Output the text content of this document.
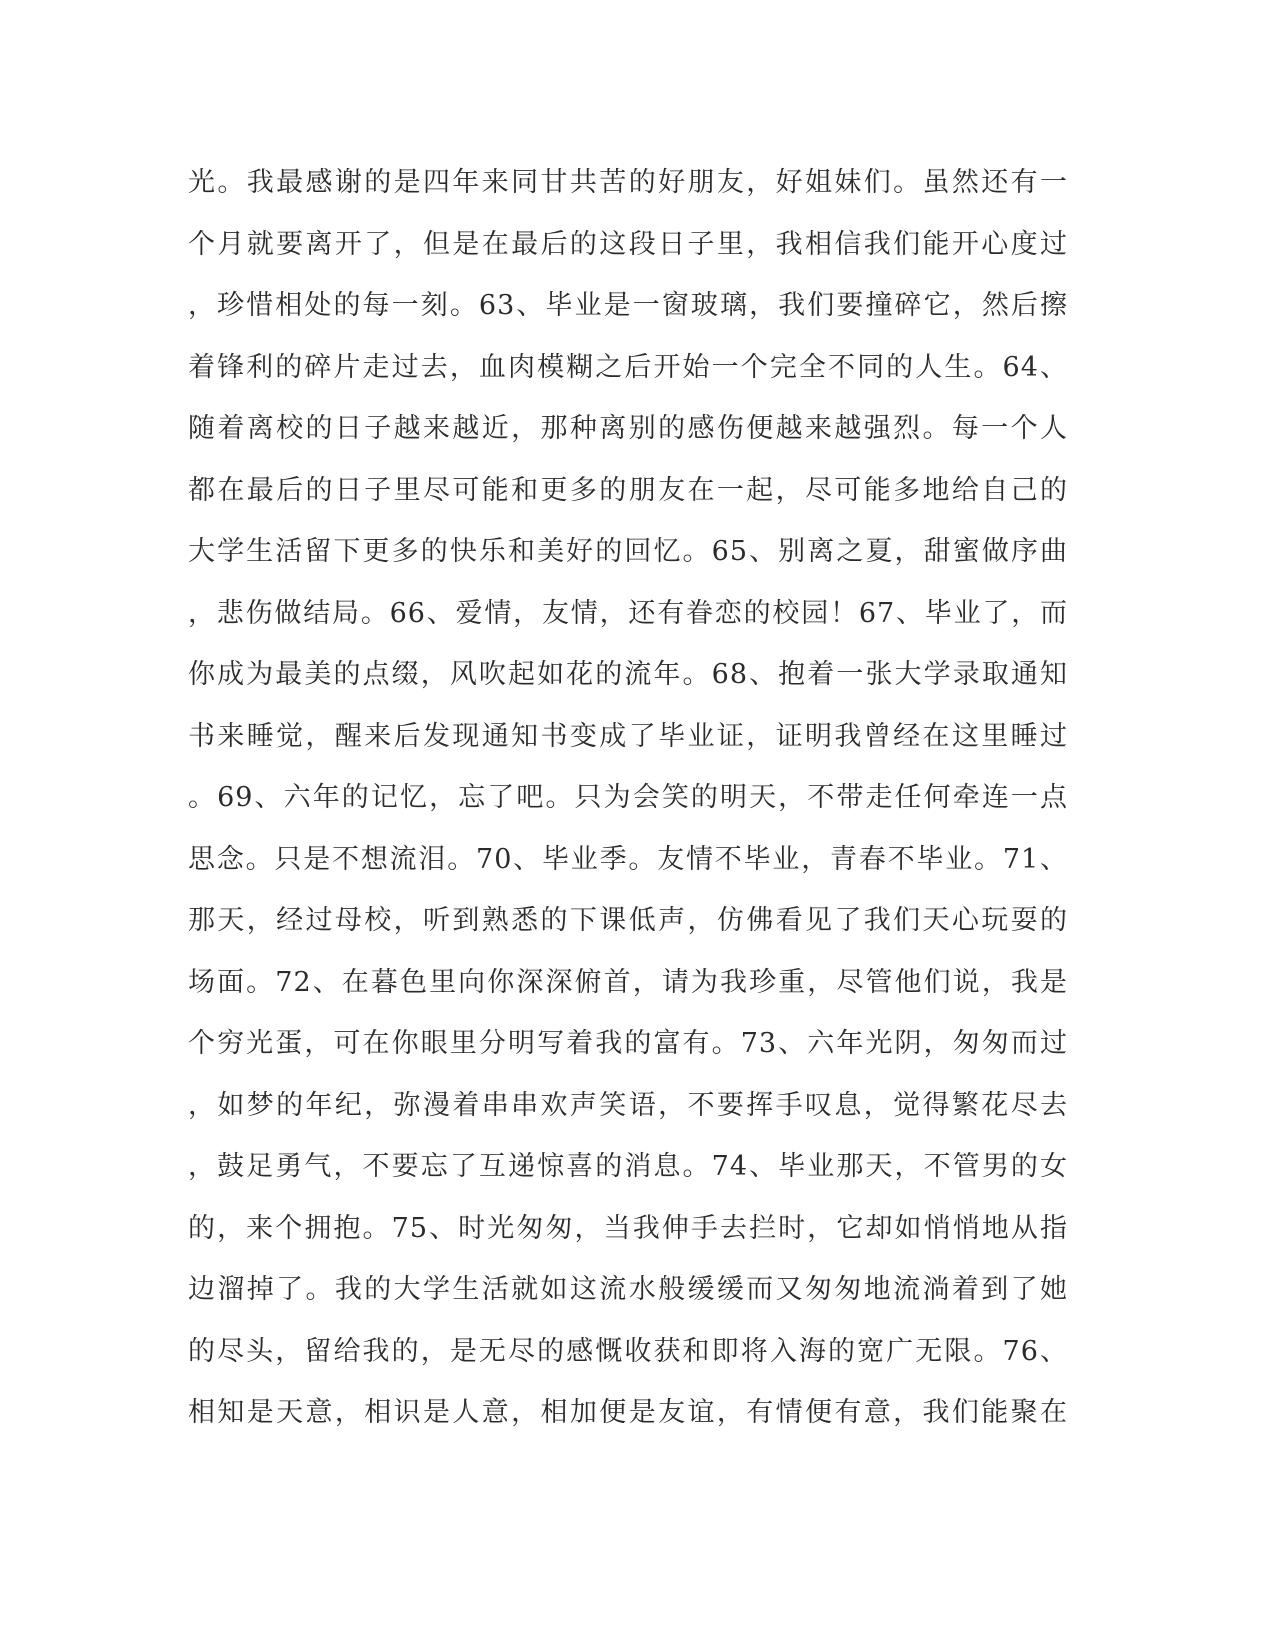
光。我最感谢的是四年来同甘共苦的好朋友，好姐妹们。虽然还有一
个月就要离开了，但是在最后的这段日子里，我相信我们能开心度过
，珍惜相处的每一刻。63、毕业是一窗玻璃，我们要撞碎它，然后擦
着锋利的碎片走过去，血肉模糊之后开始一个完全不同的人生。64、
随着离校的日子越来越近，那种离别的感伤便越来越强烈。每一个人
都在最后的日子里尽可能和更多的朋友在一起，尽可能多地给自己的
大学生活留下更多的快乐和美好的回忆。65、别离之夏，甜蜜做序曲
，悲伤做结局。66、爱情，友情，还有眷恋的校园！67、毕业了，而
你成为最美的点缀，风吹起如花的流年。68、抱着一张大学录取通知
书来睡觉，醒来后发现通知书变成了毕业证，证明我曾经在这里睡过
。69、六年的记忆，忘了吧。只为会笑的明天，不带走任何牵连一点
思念。只是不想流泪。70、毕业季。友情不毕业，青春不毕业。71、
那天，经过母校，听到熟悉的下课低声，仿佛看见了我们天心玩耍的
场面。72、在暮色里向你深深俯首，请为我珍重，尽管他们说，我是
个穷光蛋，可在你眼里分明写着我的富有。73、六年光阴，匆匆而过
，如梦的年纪，弥漫着串串欢声笑语，不要挥手叹息，觉得繁花尽去
，鼓足勇气，不要忘了互递惊喜的消息。74、毕业那天，不管男的女
的，来个拥抱。75、时光匆匆，当我伸手去拦时，它却如悄悄地从指
边溜掉了。我的大学生活就如这流水般缓缓而又匆匆地流淌着到了她
的尽头，留给我的，是无尽的感慨收获和即将入海的宽广无限。76、
相知是天意，相识是人意，相加便是友谊，有情便有意，我们能聚在
